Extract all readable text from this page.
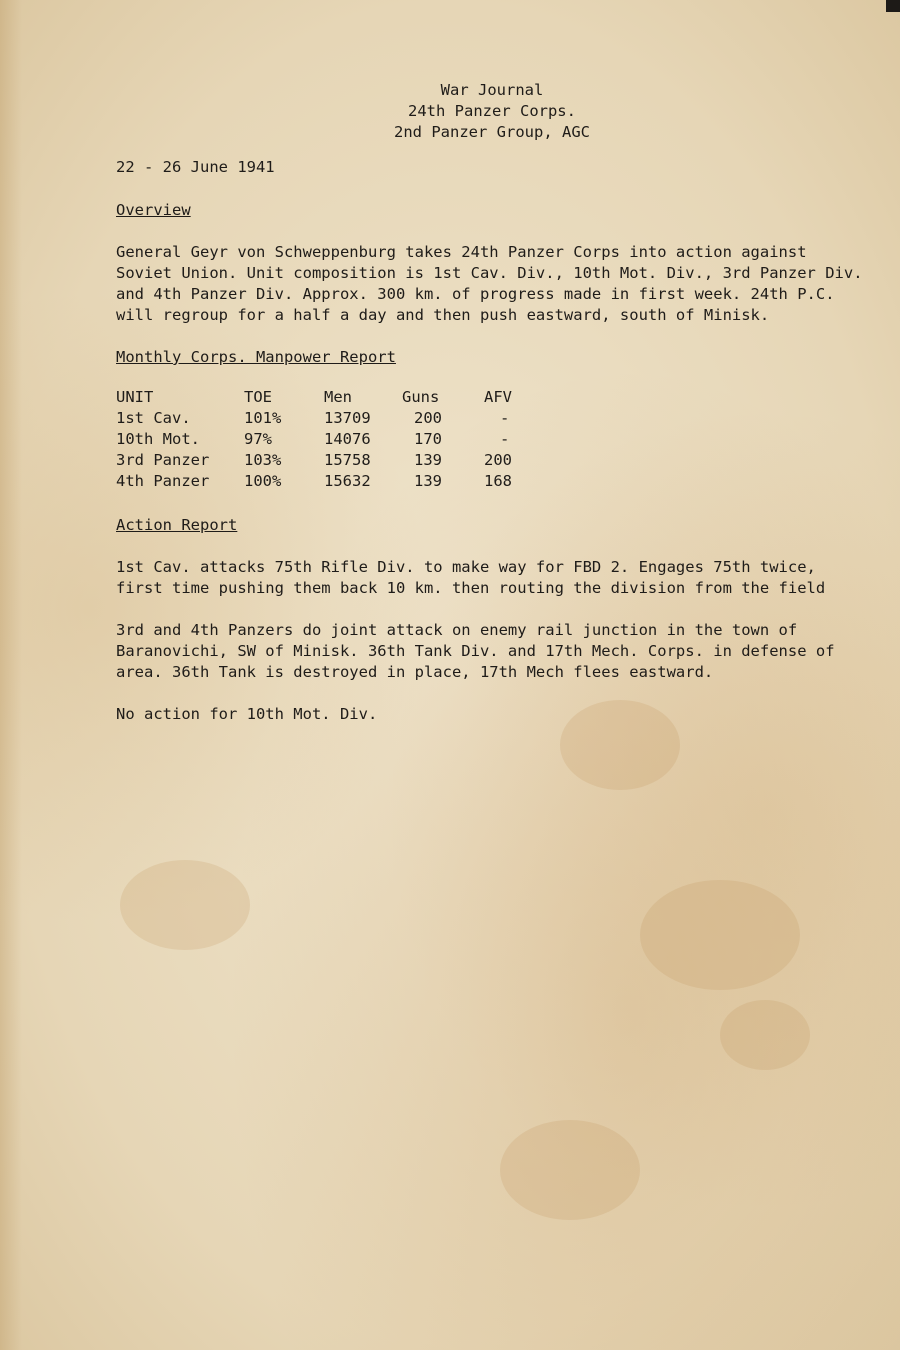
War Journal
24th Panzer Corps.
2nd Panzer Group, AGC
22 - 26 June 1941
Overview
General Geyr von Schweppenburg takes 24th Panzer Corps into action against
Soviet Union. Unit composition is 1st Cav. Div., 10th Mot. Div., 3rd Panzer Div.
and 4th Panzer Div. Approx. 300 km. of progress made in first week. 24th P.C.
will regroup for a half a day and then push eastward, south of Minisk.
Monthly Corps. Manpower Report
UNIT	TOE	Men	Guns	AFV
1st Cav.	101%	13709	200	-
10th Mot.	97%	14076	170	-
3rd Panzer	103%	15758	139	200
4th Panzer	100%	15632	139	168
Action Report
1st Cav. attacks 75th Rifle Div. to make way for FBD 2. Engages 75th twice,
first time pushing them back 10 km. then routing the division from the field
3rd and 4th Panzers do joint attack on enemy rail junction in the town of
Baranovichi, SW of Minisk. 36th Tank Div. and 17th Mech. Corps. in defense of
area. 36th Tank is destroyed in place, 17th Mech flees eastward.
No action for 10th Mot. Div.
